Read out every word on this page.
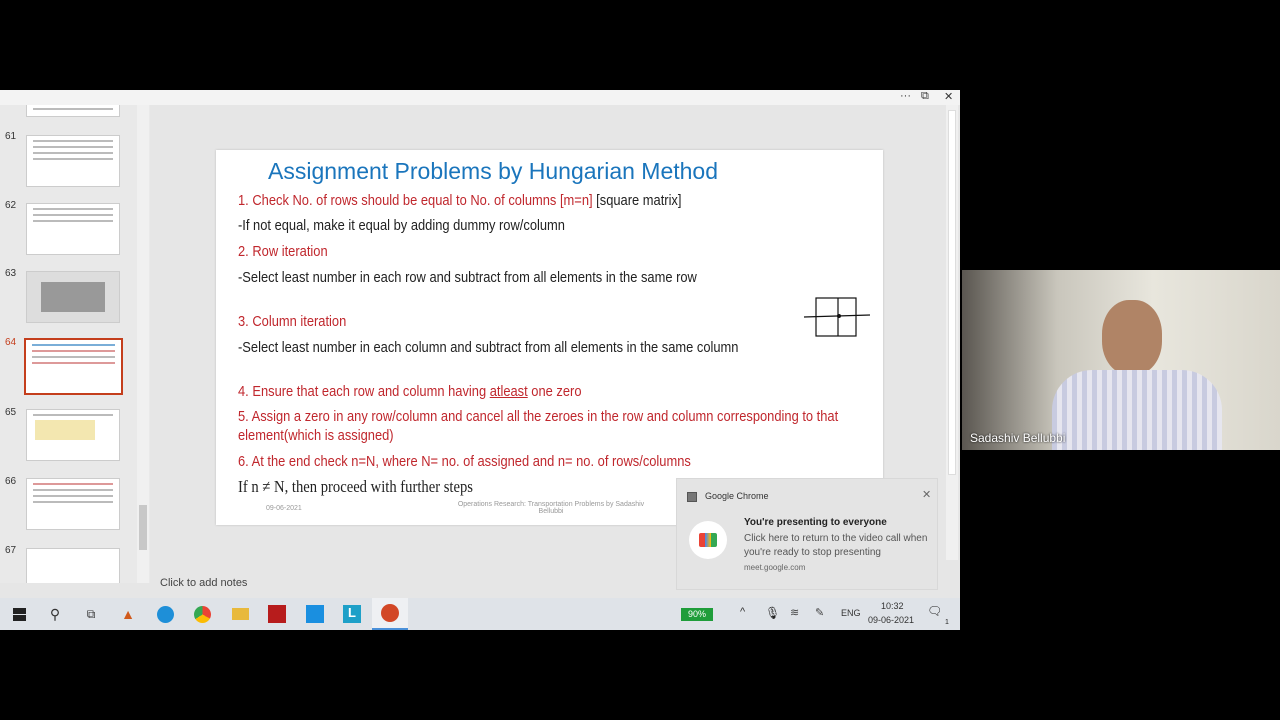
··· ⧉ ✕
61
62
63
64
65
66
67
Assignment Problems by Hungarian Method
1. Check No. of rows should be equal to No. of columns [m=n] [square matrix]
-If not equal, make it equal by adding dummy row/column
2. Row iteration
-Select least number in each row and subtract from all elements in the same row
3. Column iteration
-Select least number in each column and subtract from all elements in the same column
4. Ensure that each row and column having atleast one zero
5. Assign a zero in any row/column and cancel all the zeroes in the row and column corresponding to that element(which is assigned)
6. At the end check n=N, where N= no. of assigned and n= no. of rows/columns
If n ≠ N, then proceed with further steps
09-06-2021
Operations Research: Transportation Problems by Sadashiv Bellubbi
Click to add notes
Google Chrome	✕
You're presenting to everyone
Click here to return to the video call when you're ready to stop presenting
meet.google.com
⚲	⧉	▲	L	90%	^ 🎙 ≋ ✎ ENG
10:32
09-06-2021
🗨
1
Sadashiv Bellubbi
